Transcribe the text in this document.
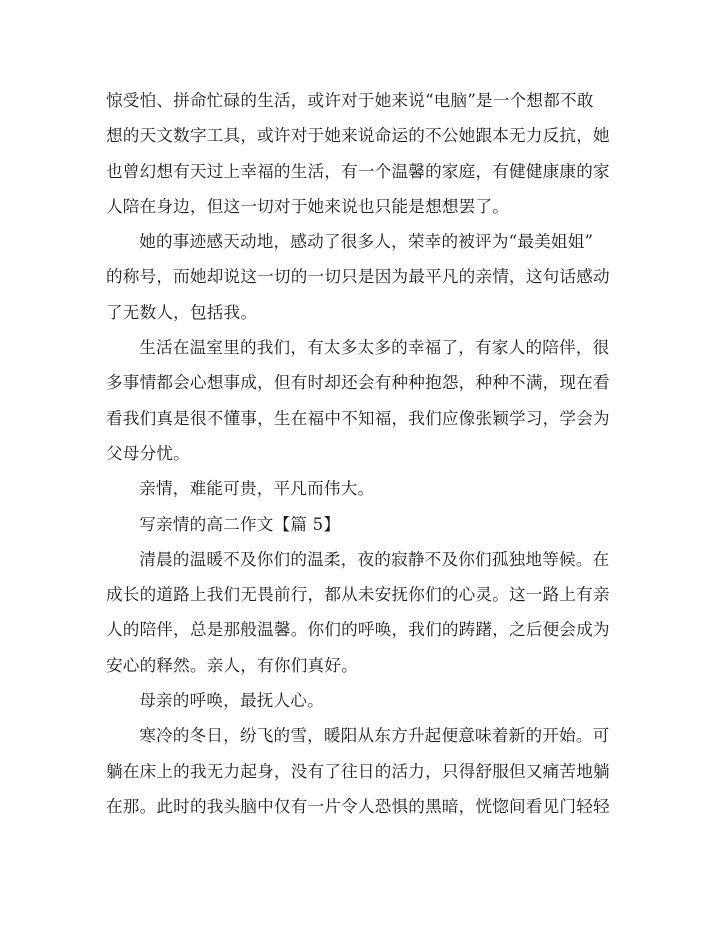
惊受怕、拼命忙碌的生活，或许对于她来说“电脑”是一个想都不敢
想的天文数字工具，或许对于她来说命运的不公她跟本无力反抗，她
也曾幻想有天过上幸福的生活，有一个温馨的家庭，有健健康康的家
人陪在身边，但这一切对于她来说也只能是想想罢了。

她的事迹感天动地，感动了很多人，荣幸的被评为“最美姐姐”
的称号，而她却说这一切的一切只是因为最平凡的亲情，这句话感动
了无数人，包括我。

生活在温室里的我们，有太多太多的幸福了，有家人的陪伴，很
多事情都会心想事成，但有时却还会有种种抱怨，种种不满，现在看
看我们真是很不懂事，生在福中不知福，我们应像张颖学习，学会为
父母分忧。

亲情，难能可贵，平凡而伟大。

写亲情的高二作文【篇 5】

清晨的温暖不及你们的温柔，夜的寂静不及你们孤独地等候。在
成长的道路上我们无畏前行，都从未安抚你们的心灵。这一路上有亲
人的陪伴，总是那般温馨。你们的呼唤，我们的踌躇，之后便会成为
安心的释然。亲人，有你们真好。

母亲的呼唤，最抚人心。

寒冷的冬日，纷飞的雪，暖阳从东方升起便意味着新的开始。可
躺在床上的我无力起身，没有了往日的活力，只得舒服但又痛苦地躺
在那。此时的我头脑中仅有一片令人恐惧的黑暗，恍惚间看见门轻轻
